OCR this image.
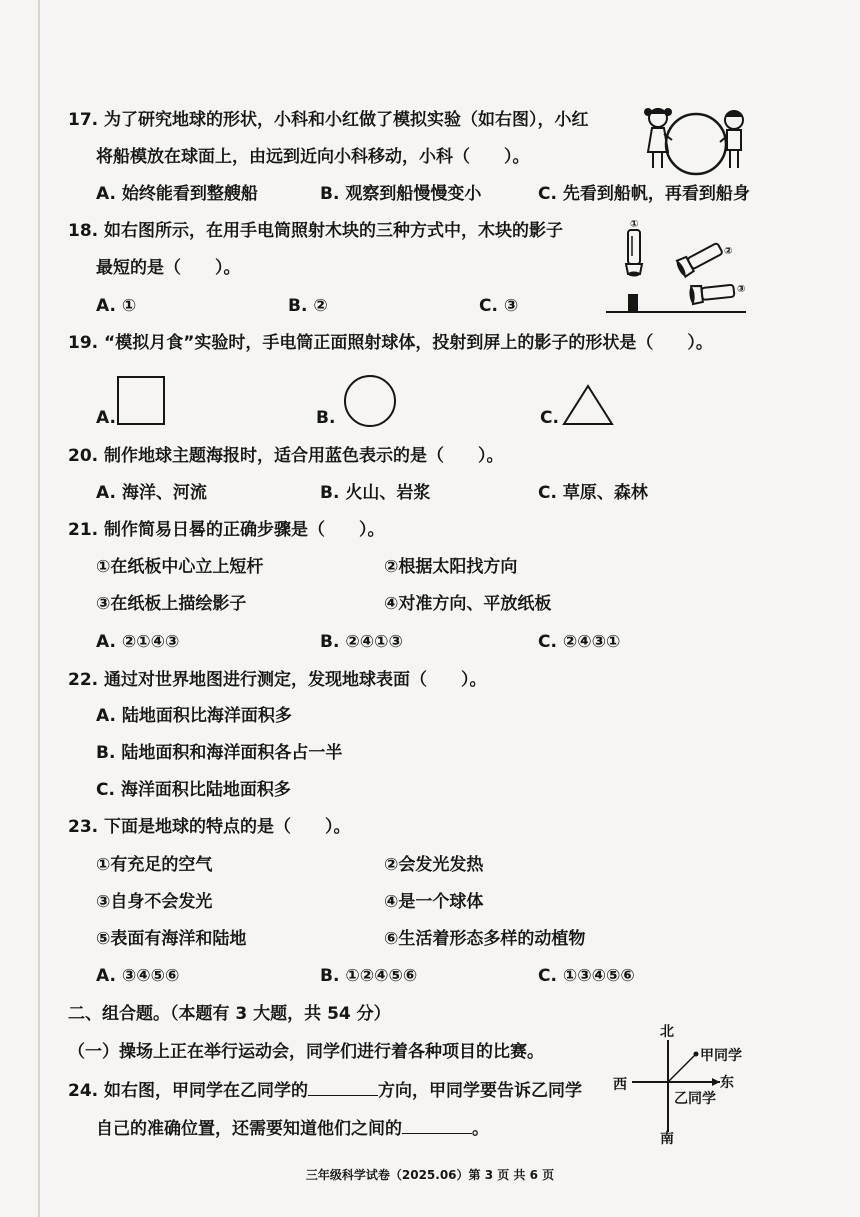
17. 为了研究地球的形状，小科和小红做了模拟实验（如右图），小红
将船模放在球面上，由远到近向小科移动，小科（　　）。
A. 始终能看到整艘船	B. 观察到船慢慢变小	C. 先看到船帆，再看到船身
18. 如右图所示，在用手电筒照射木块的三种方式中，木块的影子
最短的是（　　）。
A. ①	B. ②	C. ③
①
②
③
19. “模拟月食”实验时，手电筒正面照射球体，投射到屏上的影子的形状是（　　）。
A.	B.	C.
20. 制作地球主题海报时，适合用蓝色表示的是（　　）。
A. 海洋、河流	B. 火山、岩浆	C. 草原、森林
21. 制作简易日晷的正确步骤是（　　）。
①在纸板中心立上短杆	②根据太阳找方向
③在纸板上描绘影子	④对准方向、平放纸板
A. ②①④③	B. ②④①③	C. ②④③①
22. 通过对世界地图进行测定，发现地球表面（　　）。
A. 陆地面积比海洋面积多
B. 陆地面积和海洋面积各占一半
C. 海洋面积比陆地面积多
23. 下面是地球的特点的是（　　）。
①有充足的空气	②会发光发热
③自身不会发光	④是一个球体
⑤表面有海洋和陆地	⑥生活着形态多样的动植物
A. ③④⑤⑥	B. ①②④⑤⑥	C. ①③④⑤⑥
二、组合题。（本题有 3 大题，共 54 分）
（一）操场上正在举行运动会，同学们进行着各种项目的比赛。
24. 如右图，甲同学在乙同学的	方向，甲同学要告诉乙同学
自己的准确位置，还需要知道他们之间的	。
北
南
东
西
甲同学
乙同学
三年级科学试卷（2025.06）第 3 页 共 6 页
